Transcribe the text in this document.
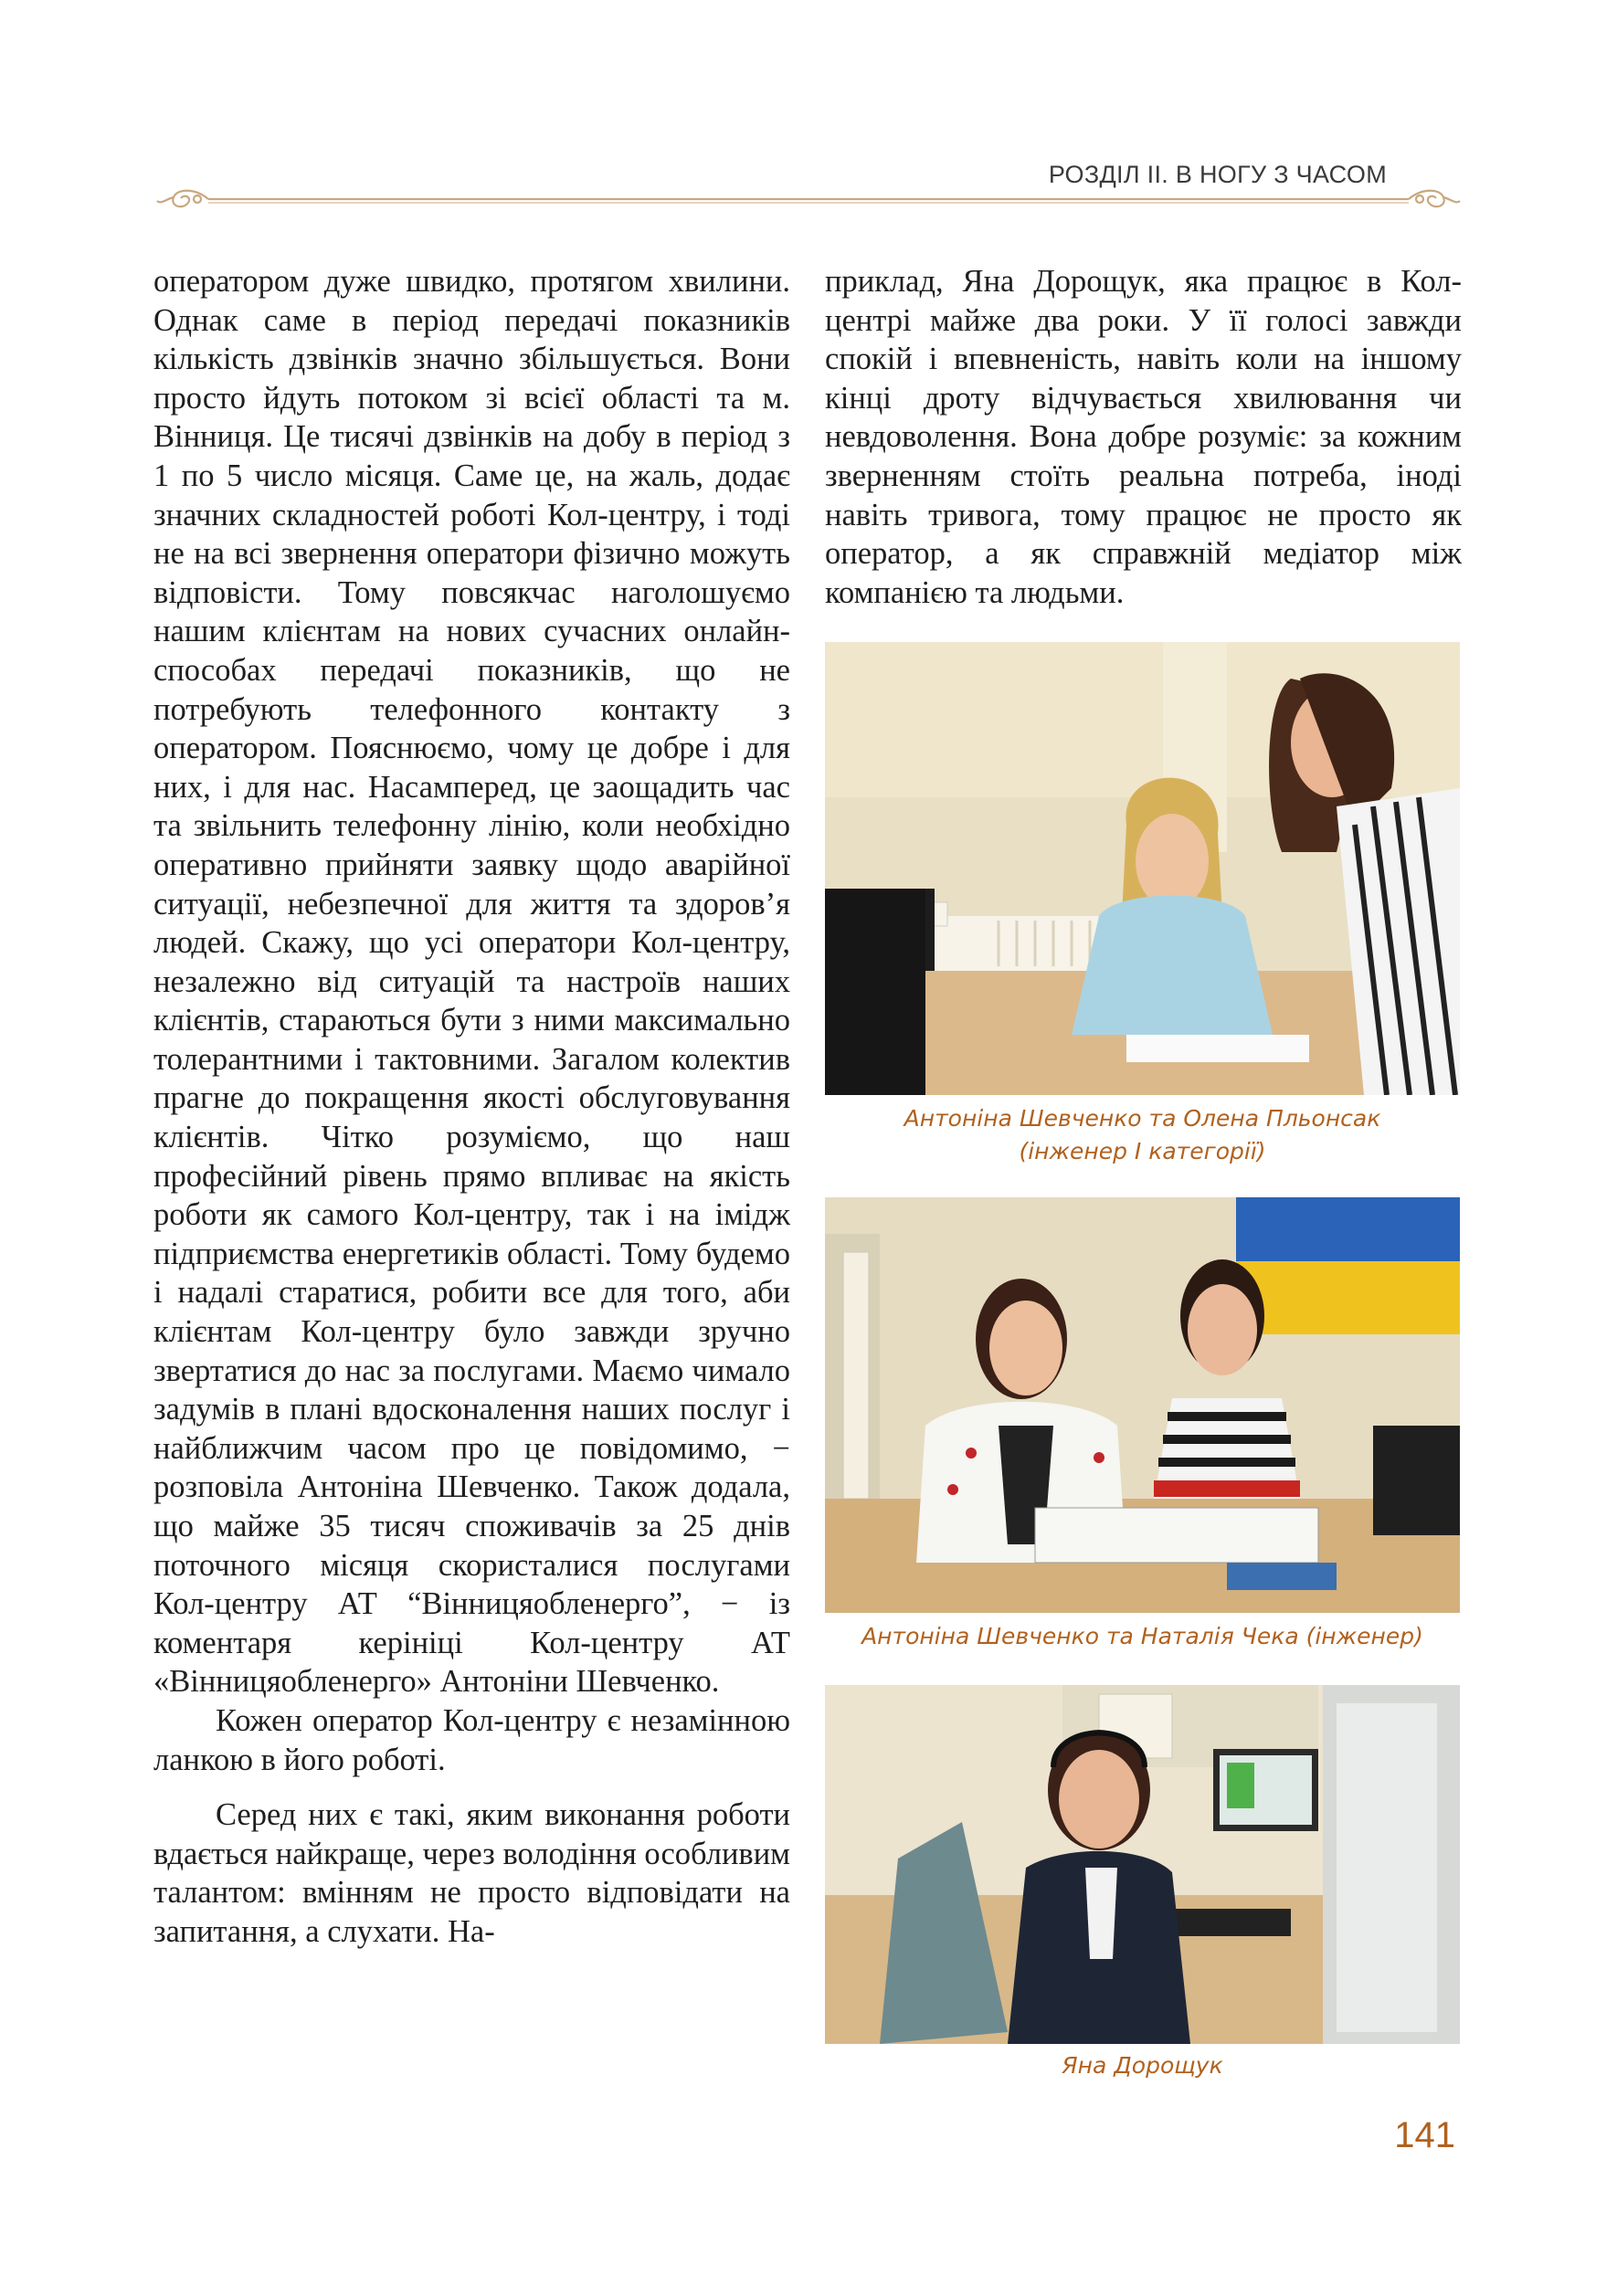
РОЗДІЛ ІІ. В НОГУ З ЧАСОМ

оператором дуже швидко, протягом хвилини. Однак саме в період передачі показників кількість дзвінків значно збільшується. Вони просто йдуть потоком зі всієї області та м. Вінниця. Це тисячі дзвінків на добу в період з 1 по 5 число місяця. Саме це, на жаль, додає значних складностей роботі Кол-центру, і тоді не на всі звернення оператори фізично можуть відповісти. Тому повсякчас наголошуємо нашим клієнтам на нових сучасних онлайн-способах передачі показників, що не потребують телефонного контакту з оператором. Пояснюємо, чому це добре і для них, і для нас. Насамперед, це заощадить час та звільнить телефонну лінію, коли необхідно оперативно прийняти заявку щодо аварійної ситуації, небезпечної для життя та здоров’я людей. Скажу, що усі оператори Кол-центру, незалежно від ситуацій та настроїв наших клієнтів, стараються бути з ними максимально толерантними і тактовними. Загалом колектив прагне до покращення якості обслуговування клієнтів. Чітко розуміємо, що наш професійний рівень прямо впливає на якість роботи як самого Кол-центру, так і на імідж підприємства енергетиків області. Тому будемо і надалі старатися, робити все для того, аби клієнтам Кол-центру було завжди зручно звертатися до нас за послугами. Маємо чимало задумів в плані вдосконалення наших послуг і найближчим часом про це повідомимо, − розповіла Антоніна Шевченко. Також додала, що майже 35 тисяч споживачів за 25 днів поточного місяця скористалися послугами Кол-центру АТ “Вінницяобленерго”, − із коментаря керініці Кол-центру АТ «Вінницяобленерго» Антоніни Шевченко.

Кожен оператор Кол-центру є незамінною ланкою в його роботі.

Серед них є такі, яким виконання роботи вдається найкраще, через володіння особливим талантом: вмінням не просто відповідати на запитання, а слухати. На-

приклад, Яна Дорощук, яка працює в Кол-центрі майже два роки. У її голосі завжди спокій і впевненість, навіть коли на іншому кінці дроту відчувається хвилювання чи невдоволення. Вона добре розуміє: за кожним зверненням стоїть реальна потреба, іноді навіть тривога, тому працює не просто як оператор, а як справжній медіатор між компанією та людьми.

Антоніна Шевченко та Олена Пльонсак
(інженер І категорії)
Антоніна Шевченко та Наталія Чека (інженер)
Яна Дорощук
141
